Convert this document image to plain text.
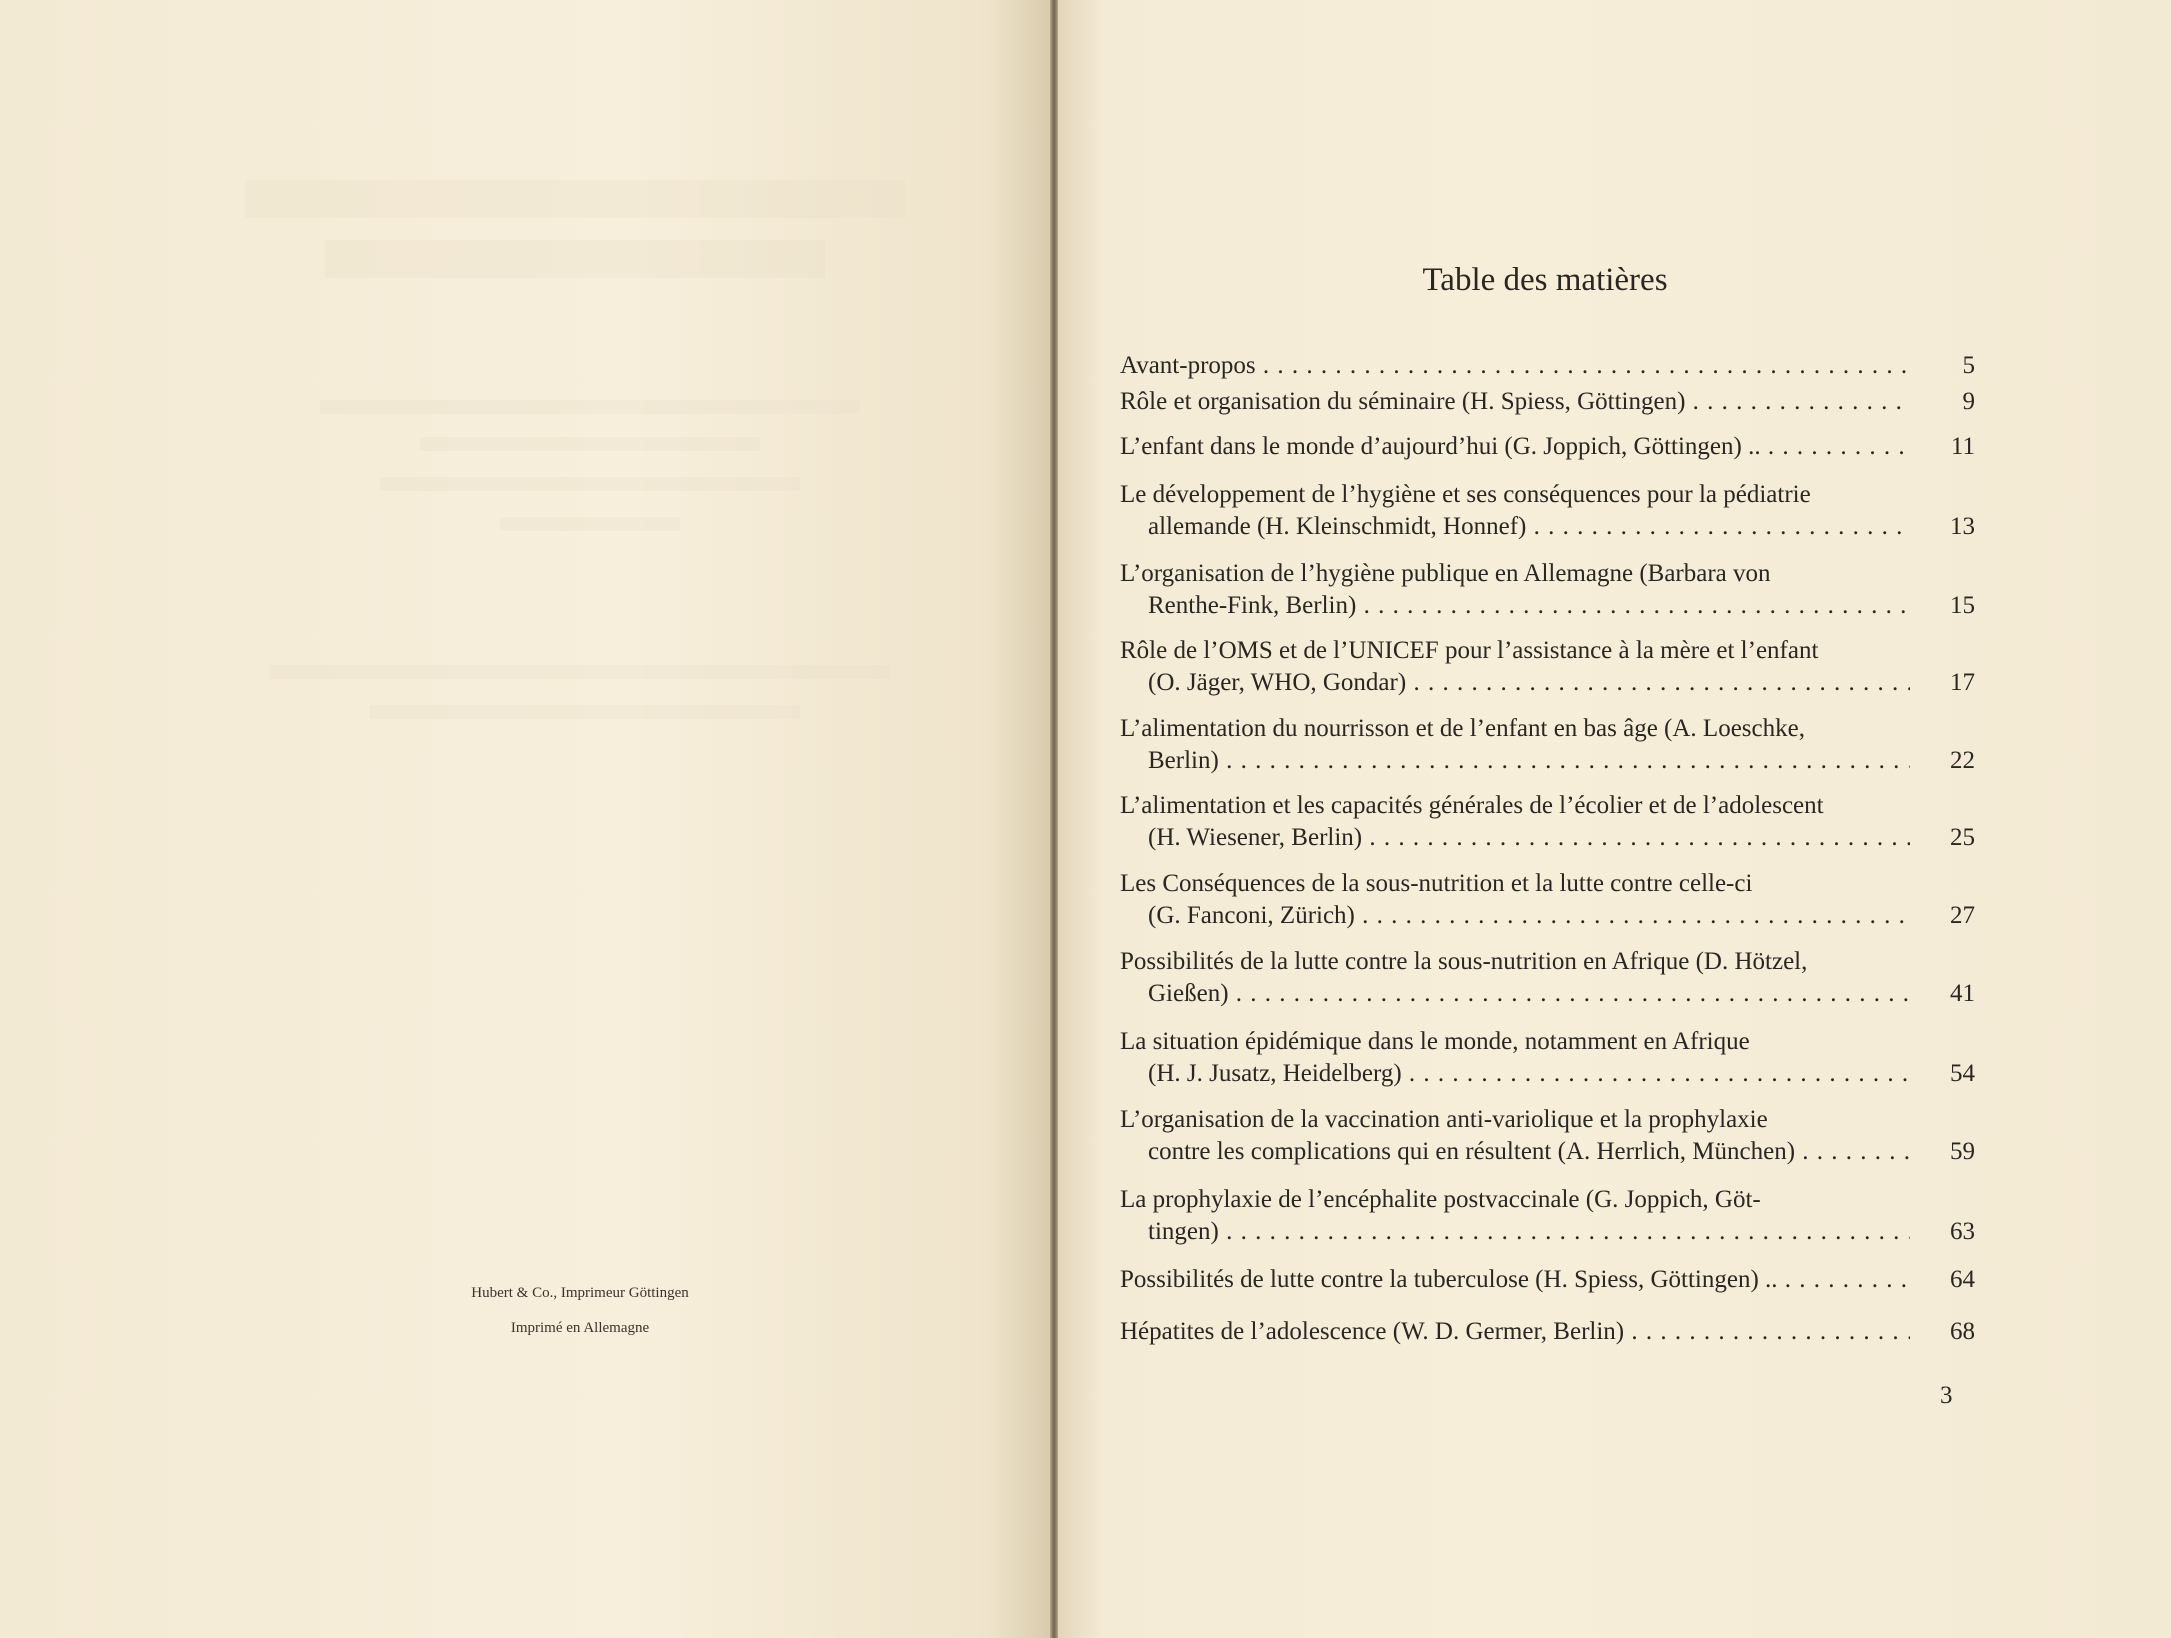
Hubert & Co., Imprimeur Göttingen
Imprimé en Allemagne
Table des matières
Avant-propos . . .	5
Rôle et organisation du séminaire (H. Spiess, Göttingen) . . .	9
L’enfant dans le monde d’aujourd’hui (G. Joppich, Göttingen) .. . . .	11
Le développement de l’hygiène et ses conséquences pour la pédiatrie
allemande (H. Kleinschmidt, Honnef) . . .	13
L’organisation de l’hygiène publique en Allemagne (Barbara von
Renthe-Fink, Berlin) . . .	15
Rôle de l’OMS et de l’UNICEF pour l’assistance à la mère et l’enfant
(O. Jäger, WHO, Gondar) . . .	17
L’alimentation du nourrisson et de l’enfant en bas âge (A. Loeschke,
Berlin) . . .	22
L’alimentation et les capacités générales de l’écolier et de l’adolescent
(H. Wiesener, Berlin) . . .	25
Les Conséquences de la sous-nutrition et la lutte contre celle-ci
(G. Fanconi, Zürich) . . .	27
Possibilités de la lutte contre la sous-nutrition en Afrique (D. Hötzel,
Gießen) . . .	41
La situation épidémique dans le monde, notamment en Afrique
(H. J. Jusatz, Heidelberg) . . .	54
L’organisation de la vaccination anti-variolique et la prophylaxie
contre les complications qui en résultent (A. Herrlich, München) . . .	59
La prophylaxie de l’encéphalite postvaccinale (G. Joppich, Göt-
tingen) . . .	63
Possibilités de lutte contre la tuberculose (H. Spiess, Göttingen) .. . . .	64
Hépatites de l’adolescence (W. D. Germer, Berlin) . . .	68
3
